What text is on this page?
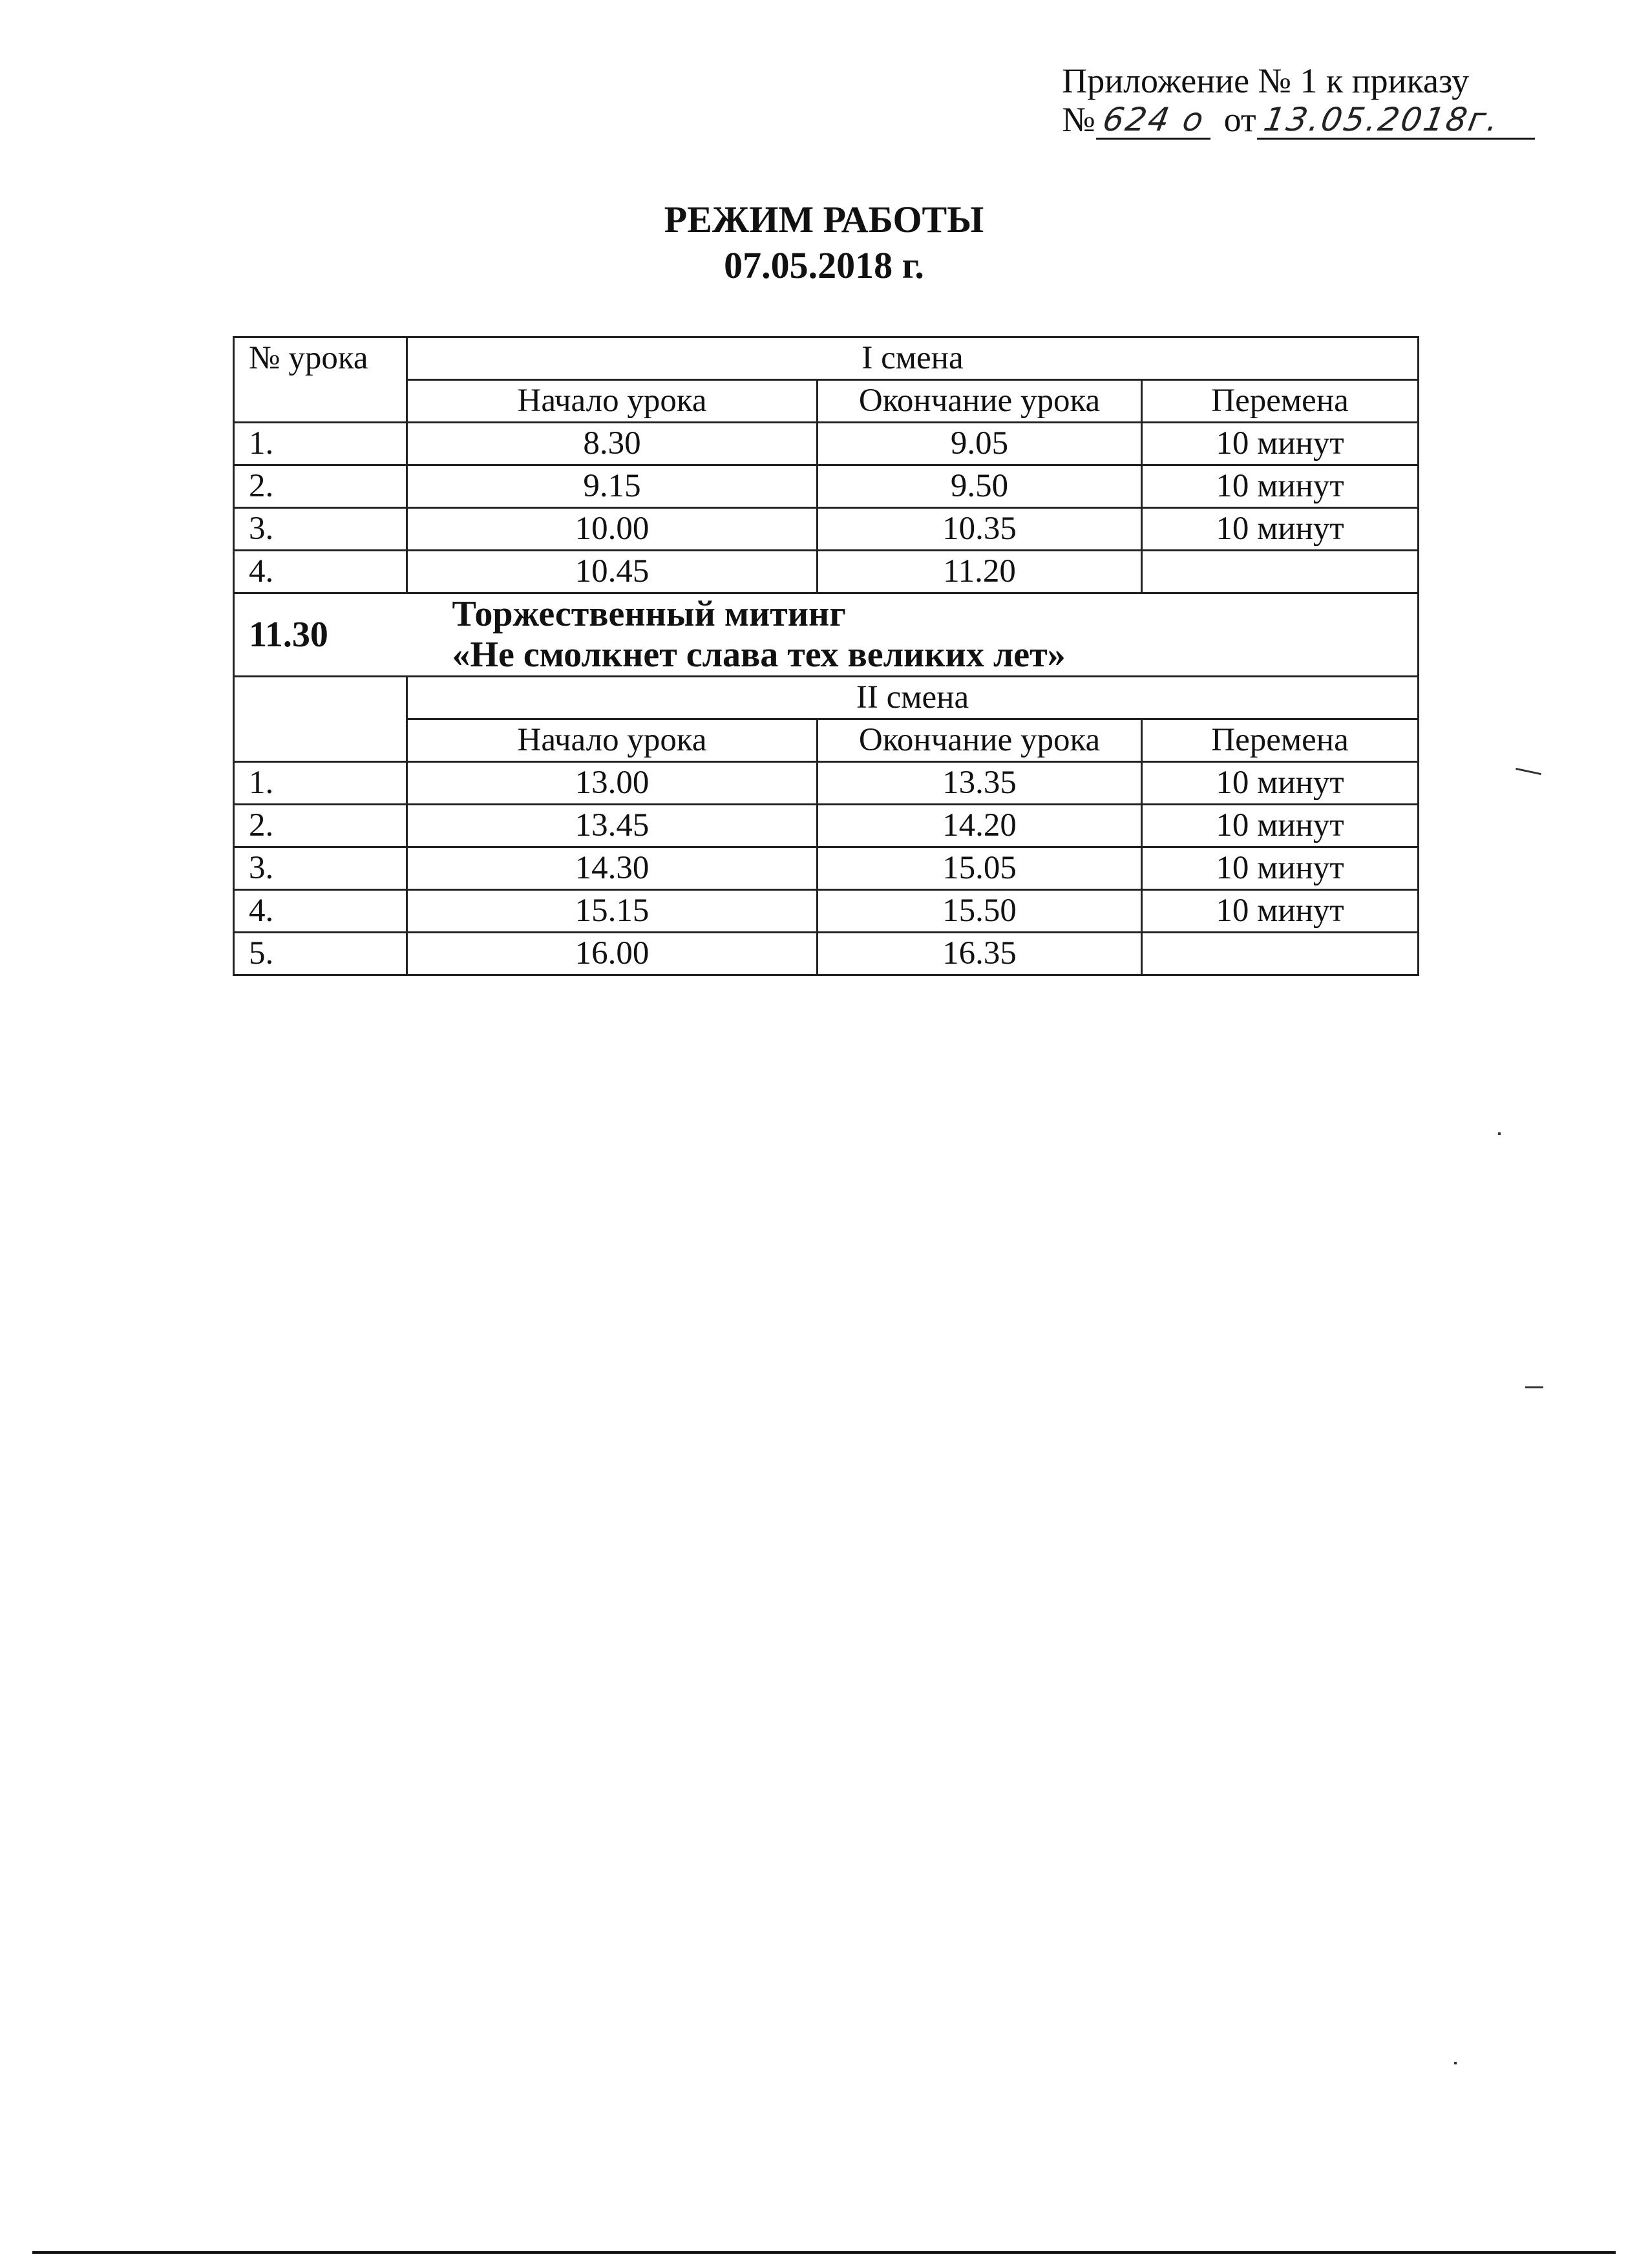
Приложение № 1 к приказу
№ 624 о от 13.05.2018г.
РЕЖИМ РАБОТЫ
07.05.2018 г.
№ урока	I смена		
	Начало урока	Окончание урока	Перемена
1.	8.30	9.05	10 минут
2.	9.15	9.50	10 минут
3.	10.00	10.35	10 минут
4.	10.45	11.20	
11.30	Торжественный митинг
«Не смолкнет слава тех великих лет»		

	II смена		
	Начало урока	Окончание урока	Перемена
1.	13.00	13.35	10 минут
2.	13.45	14.20	10 минут
3.	14.30	15.05	10 минут
4.	15.15	15.50	10 минут
5.	16.00	16.35	
